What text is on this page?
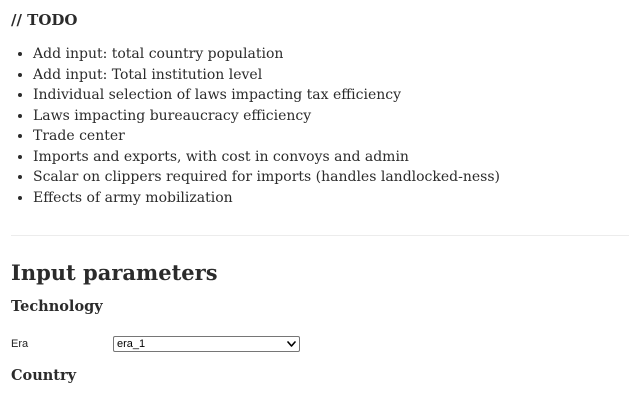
// TODO
• Add input: total country population
• Add input: Total institution level
• Individual selection of laws impacting tax efficiency
• Laws impacting bureaucracy efficiency
• Trade center
• Imports and exports, with cost in convoys and admin
• Scalar on clippers required for imports (handles landlocked-ness)
• Effects of army mobilization
Input parameters
Technology
Era	era_1
Country
